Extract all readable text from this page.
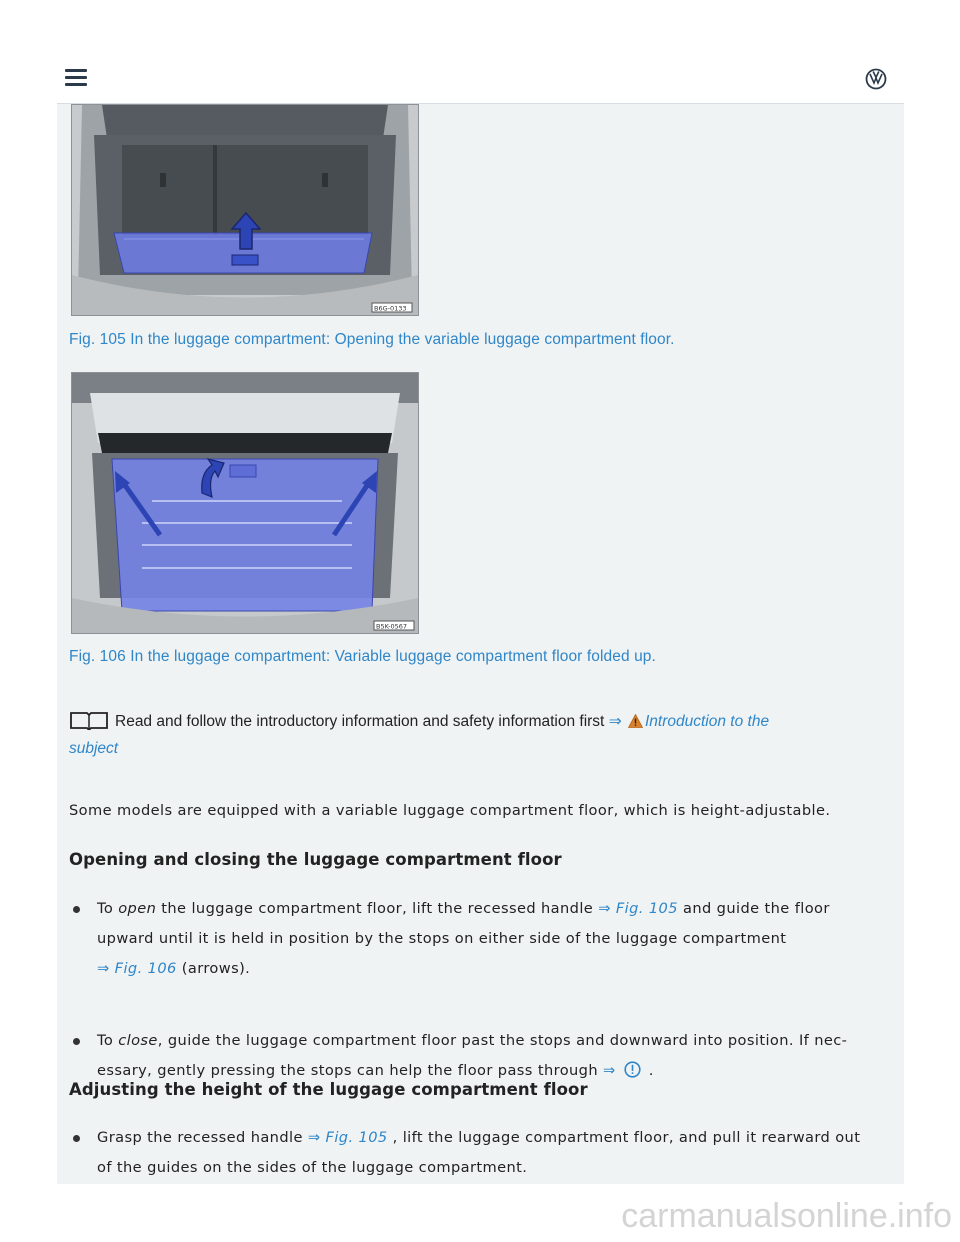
B6G-0133
Fig. 105 In the luggage compartment: Opening the variable luggage compartment floor.
B5K-0567
Fig. 106 In the luggage compartment: Variable luggage compartment floor folded up.
Read and follow the introductory information and safety information first ⇒ Introduction to the
subject
Some models are equipped with a variable luggage compartment floor, which is height-adjustable.
Opening and closing the luggage compartment floor
To open the luggage compartment floor, lift the recessed handle ⇒ Fig. 105 and guide the floor
upward until it is held in position by the stops on either side of the luggage compartment
⇒ Fig. 106 (arrows).
To close, guide the luggage compartment floor past the stops and downward into position. If nec-
essary, gently pressing the stops can help the floor pass through ⇒  .
Adjusting the height of the luggage compartment floor
Grasp the recessed handle ⇒ Fig. 105 , lift the luggage compartment floor, and pull it rearward out
of the guides on the sides of the luggage compartment.
carmanualsonline.info
